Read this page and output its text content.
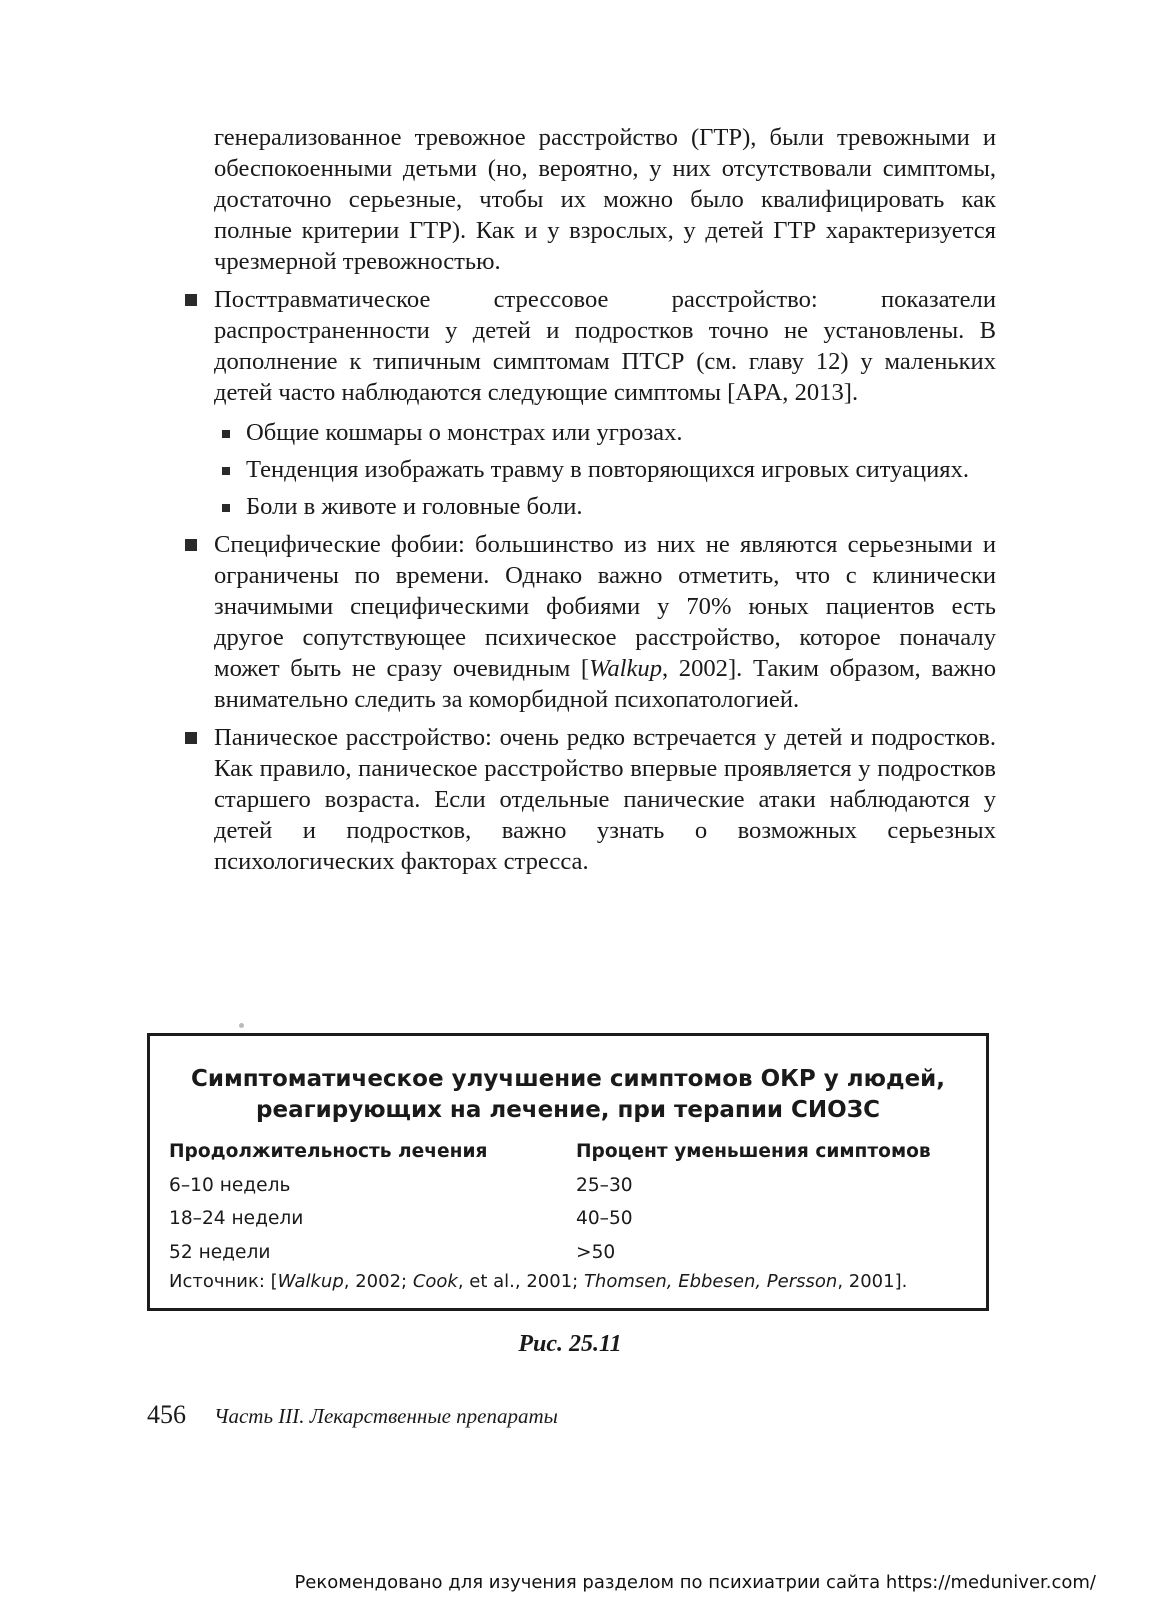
генерализованное тревожное расстройство (ГТР), были тревожными и обеспокоенными детьми (но, вероятно, у них отсутствовали симптомы, достаточно серьезные, чтобы их можно было квалифицировать как полные критерии ГТР). Как и у взрослых, у детей ГТР характеризуется чрезмерной тревожностью.

Посттравматическое стрессовое расстройство: показатели распространенности у детей и подростков точно не установлены. В дополнение к типичным симптомам ПТСР (см. главу 12) у маленьких детей часто наблюдаются следующие симптомы [APA, 2013].
Общие кошмары о монстрах или угрозах.
Тенденция изображать травму в повторяющихся игровых ситуациях.
Боли в животе и головные боли.
Специфические фобии: большинство из них не являются серьезными и ограничены по времени. Однако важно отметить, что с клинически значимыми специфическими фобиями у 70% юных пациентов есть другое сопутствующее психическое расстройство, которое поначалу может быть не сразу очевидным [Walkup, 2002]. Таким образом, важно внимательно следить за коморбидной психопатологией.
Паническое расстройство: очень редко встречается у детей и подростков. Как правило, паническое расстройство впервые проявляется у подростков старшего возраста. Если отдельные панические атаки наблюдаются у детей и подростков, важно узнать о возможных серьезных психологических факторах стресса.
Симптоматическое улучшение симптомов ОКР у людей,
реагирующих на лечение, при терапии СИОЗС
Продолжительность лечения	Процент уменьшения симптомов
6–10 недель	25–30
18–24 недели	40–50
52 недели	>50
Источник: [Walkup, 2002; Cook, et al., 2001; Thomsen, Ebbesen, Persson, 2001].
Рис. 25.11
456 Часть III. Лекарственные препараты
Рекомендовано для изучения разделом по психиатрии сайта https://meduniver.com/
